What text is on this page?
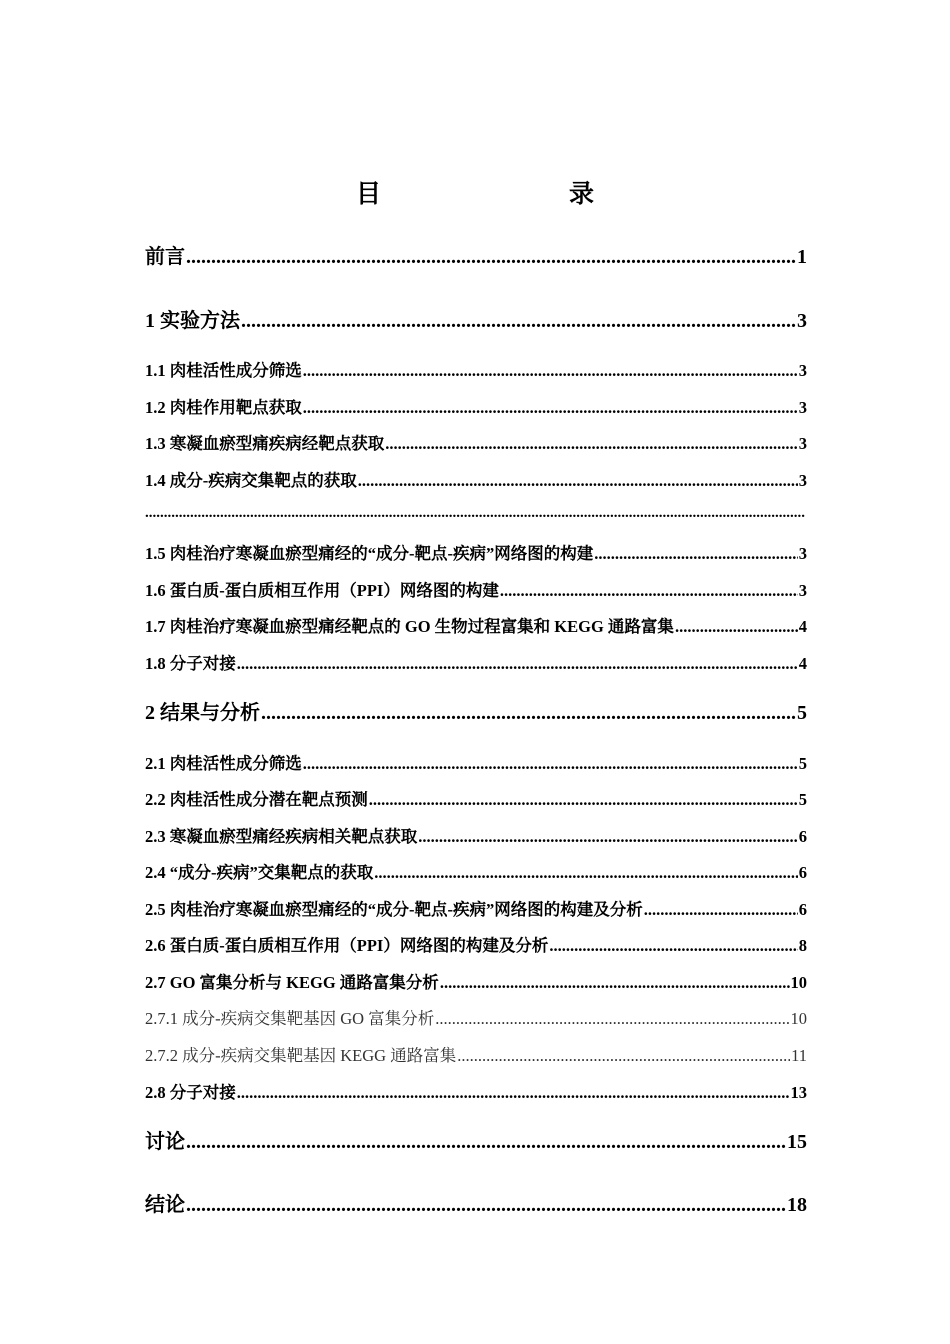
目　　录
前言 .....	1
1 实验方法 .....	3
1.1 肉桂活性成分筛选 .....	3
1.2 肉桂作用靶点获取 .....	3
1.3 寒凝血瘀型痛疾病经靶点获取 .....	3
1.4 成分-疾病交集靶点的获取 .....	3
.....
1.5 肉桂治疗寒凝血瘀型痛经的“成分-靶点-疾病”网络图的构建 .....	3
1.6 蛋白质-蛋白质相互作用（PPI）网络图的构建 .....	3
1.7 肉桂治疗寒凝血瘀型痛经靶点的 GO 生物过程富集和 KEGG 通路富集 .....	4
1.8 分子对接 .....	4
2 结果与分析 .....	5
2.1 肉桂活性成分筛选 .....	5
2.2 肉桂活性成分潜在靶点预测 .....	5
2.3 寒凝血瘀型痛经疾病相关靶点获取 .....	6
2.4 “成分-疾病”交集靶点的获取 .....	6
2.5 肉桂治疗寒凝血瘀型痛经的“成分-靶点-疾病”网络图的构建及分析 .....	6
2.6 蛋白质-蛋白质相互作用（PPI）网络图的构建及分析 .....	8
2.7 GO 富集分析与 KEGG 通路富集分析 .....	10
2.7.1 成分-疾病交集靶基因 GO 富集分析 .....	10
2.7.2 成分-疾病交集靶基因 KEGG 通路富集 .....	11
2.8 分子对接 .....	13
讨论 .....	15
结论 .....	18
